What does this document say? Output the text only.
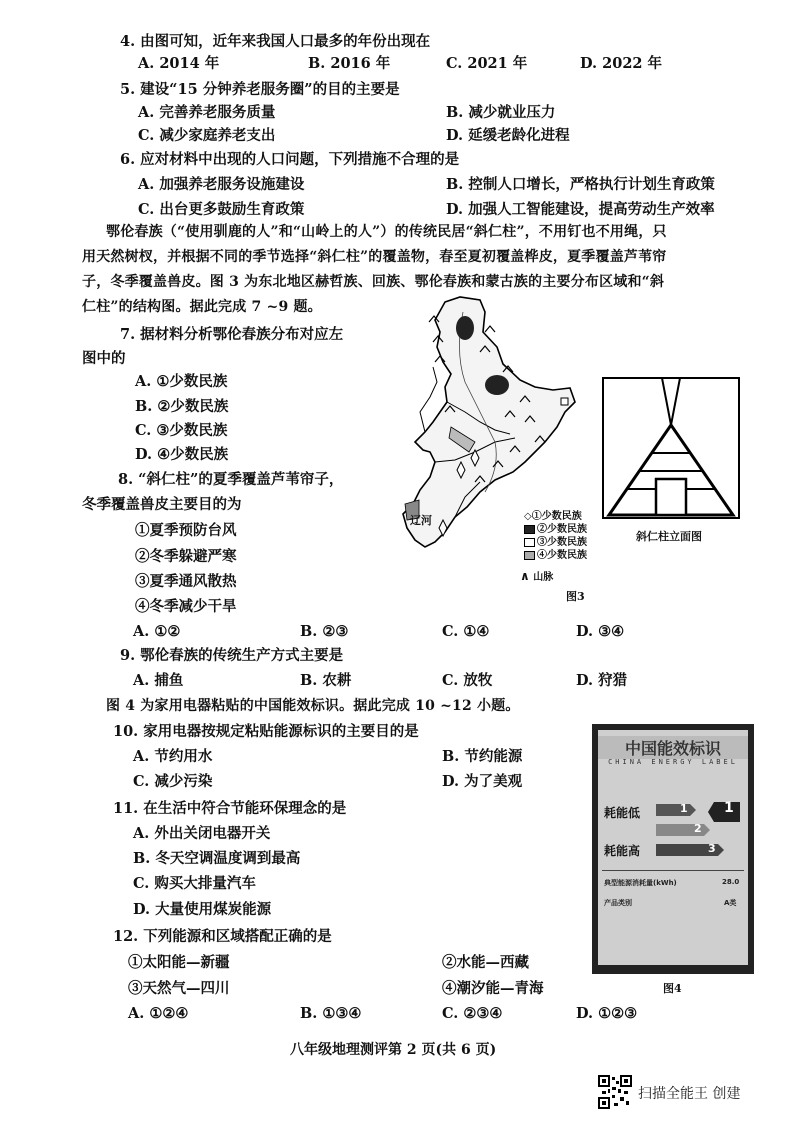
4. 由图可知，近年来我国人口最多的年份出现在
A. 2014 年	B. 2016 年	C. 2021 年	D. 2022 年
5. 建设“15 分钟养老服务圈”的目的主要是
A. 完善养老服务质量	B. 减少就业压力
C. 减少家庭养老支出	D. 延缓老龄化进程
6. 应对材料中出现的人口问题，下列措施不合理的是
A. 加强养老服务设施建设	B. 控制人口增长，严格执行计划生育政策
C. 出台更多鼓励生育政策	D. 加强人工智能建设，提高劳动生产效率
鄂伦春族（“使用驯鹿的人”和“山岭上的人”）的传统民居“斜仁柱”，不用钉也不用绳，只
用天然树杈，并根据不同的季节选择“斜仁柱”的覆盖物，春至夏初覆盖桦皮，夏季覆盖芦苇帘
子，冬季覆盖兽皮。图 3 为东北地区赫哲族、回族、鄂伦春族和蒙古族的主要分布区域和“斜
仁柱”的结构图。据此完成 7 ~9 题。
7. 据材料分析鄂伦春族分布对应左
图中的
A. ①少数民族
B. ②少数民族
C. ③少数民族
D. ④少数民族
8. “斜仁柱”的夏季覆盖芦苇帘子，
冬季覆盖兽皮主要目的为
①夏季预防台风
②冬季躲避严寒
③夏季通风散热
④冬季减少干旱
A. ①②	B. ②③	C. ①④	D. ③④
9. 鄂伦春族的传统生产方式主要是
A. 捕鱼	B. 农耕	C. 放牧	D. 狩猎
图 4 为家用电器粘贴的中国能效标识。据此完成 10 ~12 小题。
10. 家用电器按规定粘贴能源标识的主要目的是
A. 节约用水	B. 节约能源
C. 减少污染	D. 为了美观
11. 在生活中符合节能环保理念的是
A. 外出关闭电器开关
B. 冬天空调温度调到最高
C. 购买大排量汽车
D. 大量使用煤炭能源
12. 下列能源和区域搭配正确的是
①太阳能—新疆	②水能—西藏
③天然气—四川	④潮汐能—青海
A. ①②④	B. ①③④	C. ②③④	D. ①②③
辽河	◇①少数民族
②少数民族
③少数民族
④少数民族
∧ 山脉
图3
斜仁柱立面图
中国能效标识
CHINA ENERGY LABEL
耗能低
耗能高
1
2
3
1
典型能源消耗量(kWh)	28.0
产品类别	A类
图4
八年级地理测评第 2 页(共 6 页)
扫描全能王 创建
